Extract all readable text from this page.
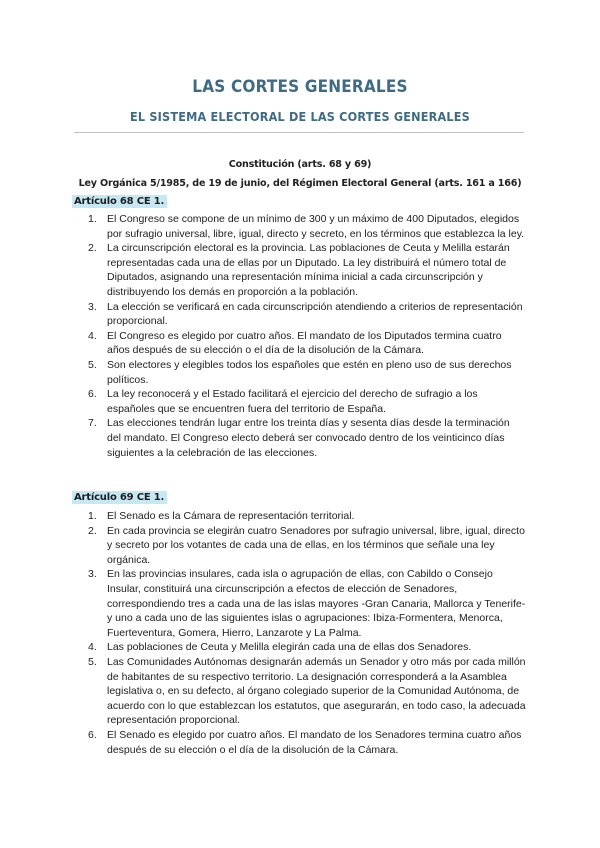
LAS CORTES GENERALES
EL SISTEMA ELECTORAL DE LAS CORTES GENERALES
Constitución (arts. 68 y 69)
Ley Orgánica 5/1985, de 19 de junio, del Régimen Electoral General (arts. 161 a 166)
Artículo 68 CE 1.
1. El Congreso se compone de un mínimo de 300 y un máximo de 400 Diputados, elegidos por sufragio universal, libre, igual, directo y secreto, en los términos que establezca la ley.
2. La circunscripción electoral es la provincia. Las poblaciones de Ceuta y Melilla estarán representadas cada una de ellas por un Diputado. La ley distribuirá el número total de Diputados, asignando una representación mínima inicial a cada circunscripción y distribuyendo los demás en proporción a la población.
3. La elección se verificará en cada circunscripción atendiendo a criterios de representación proporcional.
4. El Congreso es elegido por cuatro años. El mandato de los Diputados termina cuatro años después de su elección o el día de la disolución de la Cámara.
5. Son electores y elegibles todos los españoles que estén en pleno uso de sus derechos políticos.
6. La ley reconocerá y el Estado facilitará el ejercicio del derecho de sufragio a los españoles que se encuentren fuera del territorio de España.
7. Las elecciones tendrán lugar entre los treinta días y sesenta días desde la terminación del mandato. El Congreso electo deberá ser convocado dentro de los veinticinco días siguientes a la celebración de las elecciones.
Artículo 69 CE 1.
1. El Senado es la Cámara de representación territorial.
2. En cada provincia se elegirán cuatro Senadores por sufragio universal, libre, igual, directo y secreto por los votantes de cada una de ellas, en los términos que señale una ley orgánica.
3. En las provincias insulares, cada isla o agrupación de ellas, con Cabildo o Consejo Insular, constituirá una circunscripción a efectos de elección de Senadores, correspondiendo tres a cada una de las islas mayores -Gran Canaria, Mallorca y Tenerife- y uno a cada uno de las siguientes islas o agrupaciones: Ibiza-Formentera, Menorca, Fuerteventura, Gomera, Hierro, Lanzarote y La Palma.
4. Las poblaciones de Ceuta y Melilla elegirán cada una de ellas dos Senadores.
5. Las Comunidades Autónomas designarán además un Senador y otro más por cada millón de habitantes de su respectivo territorio. La designación corresponderá a la Asamblea legislativa o, en su defecto, al órgano colegiado superior de la Comunidad Autónoma, de acuerdo con lo que establezcan los estatutos, que asegurarán, en todo caso, la adecuada representación proporcional.
6. El Senado es elegido por cuatro años. El mandato de los Senadores termina cuatro años después de su elección o el día de la disolución de la Cámara.
